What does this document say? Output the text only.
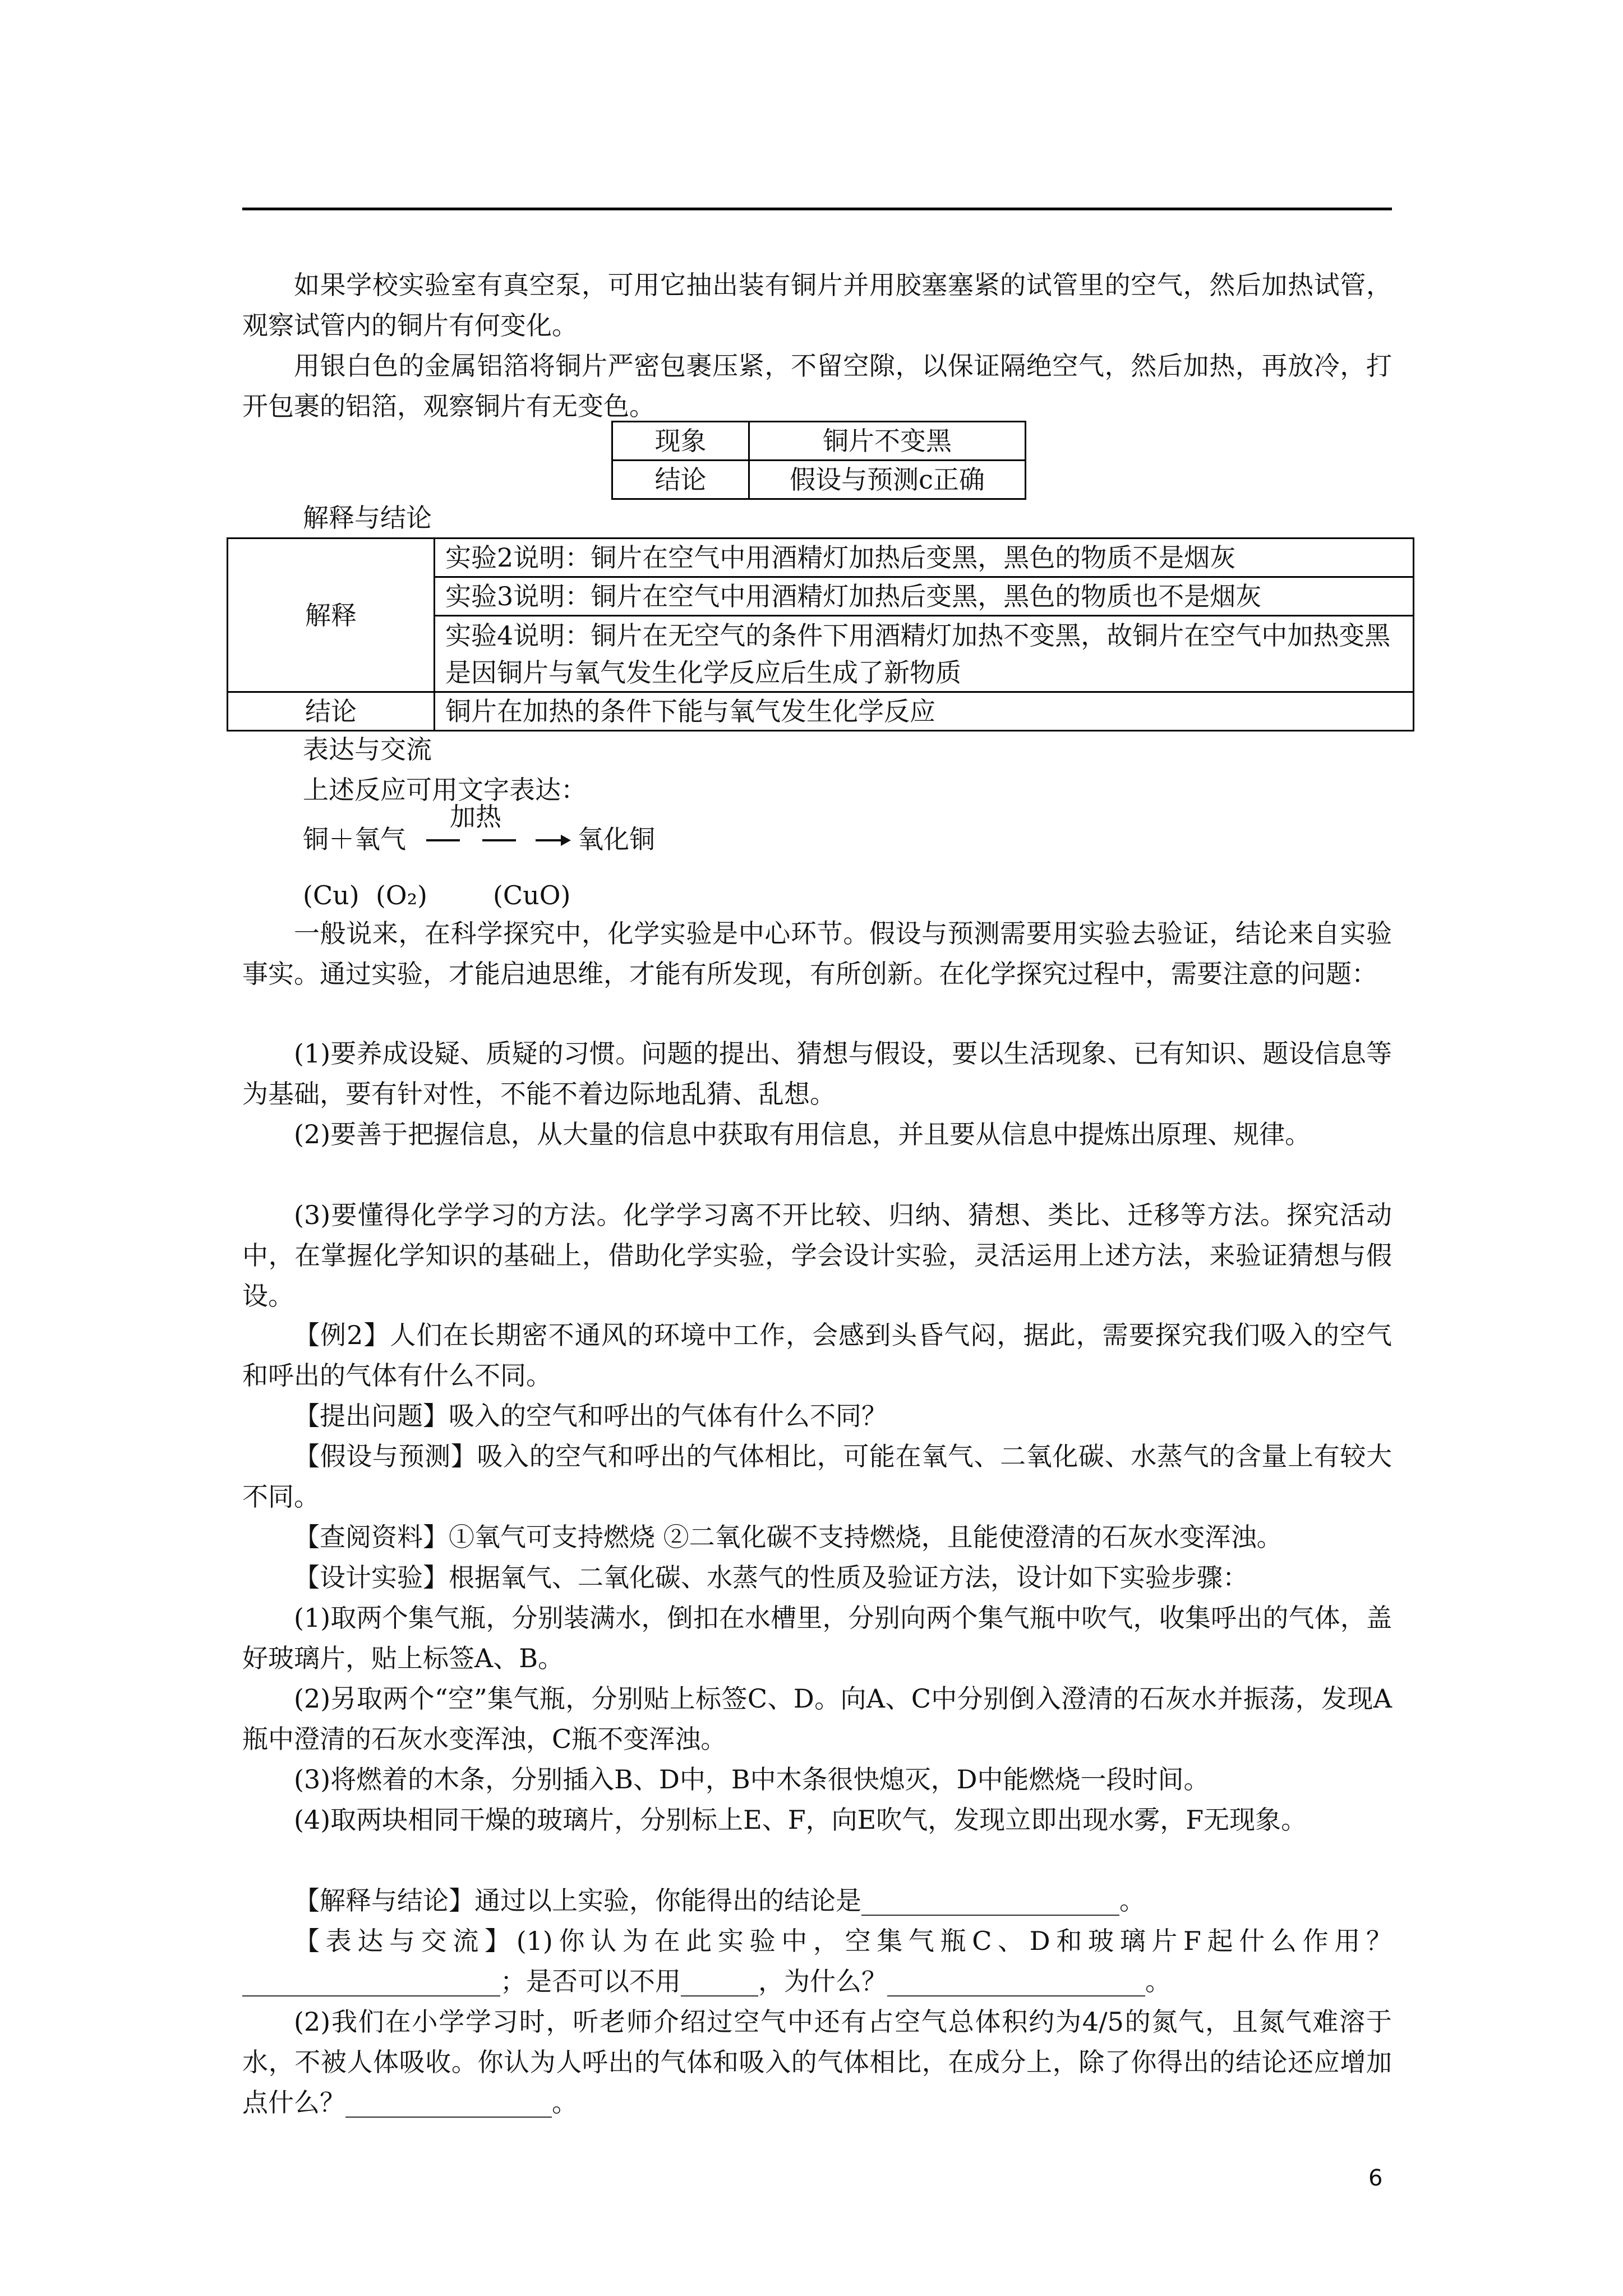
如果学校实验室有真空泵，可用它抽出装有铜片并用胶塞塞紧的试管里的空气，然后加热试管，观察试管内的铜片有何变化。

用银白色的金属铝箔将铜片严密包裹压紧，不留空隙，以保证隔绝空气，然后加热，再放冷，打开包裹的铝箔，观察铜片有无变色。

现象	铜片不变黑
结论	假设与预测c正确
解释与结论
解释	实验2说明：铜片在空气中用酒精灯加热后变黑，黑色的物质不是烟灰
	实验3说明：铜片在空气中用酒精灯加热后变黑，黑色的物质也不是烟灰
	实验4说明：铜片在无空气的条件下用酒精灯加热不变黑，故铜片在空气中加热变黑是因铜片与氧气发生化学反应后生成了新物质
结论	铜片在加热的条件下能与氧气发生化学反应
表达与交流
上述反应可用文字表达：
铜＋氧气
加热
氧化铜
(Cu)  (O₂)        (CuO)

一般说来，在科学探究中，化学实验是中心环节。假设与预测需要用实验去验证，结论来自实验事实。通过实验，才能启迪思维，才能有所发现，有所创新。在化学探究过程中，需要注意的问题：

(1)要养成设疑、质疑的习惯。问题的提出、猜想与假设，要以生活现象、已有知识、题设信息等为基础，要有针对性，不能不着边际地乱猜、乱想。

(2)要善于把握信息，从大量的信息中获取有用信息，并且要从信息中提炼出原理、规律。

(3)要懂得化学学习的方法。化学学习离不开比较、归纳、猜想、类比、迁移等方法。探究活动中，在掌握化学知识的基础上，借助化学实验，学会设计实验，灵活运用上述方法，来验证猜想与假设。

【例2】人们在长期密不通风的环境中工作，会感到头昏气闷，据此，需要探究我们吸入的空气和呼出的气体有什么不同。

【提出问题】吸入的空气和呼出的气体有什么不同？

【假设与预测】吸入的空气和呼出的气体相比，可能在氧气、二氧化碳、水蒸气的含量上有较大不同。

【查阅资料】①氧气可支持燃烧 ②二氧化碳不支持燃烧，且能使澄清的石灰水变浑浊。

【设计实验】根据氧气、二氧化碳、水蒸气的性质及验证方法，设计如下实验步骤：

(1)取两个集气瓶，分别装满水，倒扣在水槽里，分别向两个集气瓶中吹气，收集呼出的气体，盖好玻璃片，贴上标签A、B。

(2)另取两个“空”集气瓶，分别贴上标签C、D。向A、C中分别倒入澄清的石灰水并振荡，发现A瓶中澄清的石灰水变浑浊，C瓶不变浑浊。

(3)将燃着的木条，分别插入B、D中，B中木条很快熄灭，D中能燃烧一段时间。

(4)取两块相同干燥的玻璃片，分别标上E、F，向E吹气，发现立即出现水雾，F无现象。

【解释与结论】通过以上实验，你能得出的结论是____________________。

【表达与交流】(1)你认为在此实验中，空集气瓶C、D和玻璃片F起什么作用？____________________；是否可以不用______，为什么？____________________。

(2)我们在小学学习时，听老师介绍过空气中还有占空气总体积约为4/5的氮气，且氮气难溶于水，不被人体吸收。你认为人呼出的气体和吸入的气体相比，在成分上，除了你得出的结论还应增加点什么？________________。

6
